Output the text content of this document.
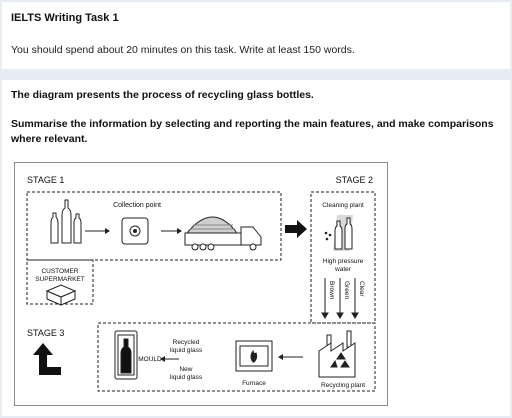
IELTS Writing Task 1
You should spend about 20 minutes on this task. Write at least 150 words.
The diagram presents the process of recycling glass bottles.
Summarise the information by selecting and reporting the main features, and make comparisons
where relevant.
STAGE 1	STAGE 2
STAGE 3
Collection point
CUSTOMER
SUPERMARKET
Cleaning plant
High pressure
water
Brown Green Clear
Recycling plant
Furnace
Recycled
liquid glass
MOULD
New
liquid glass
